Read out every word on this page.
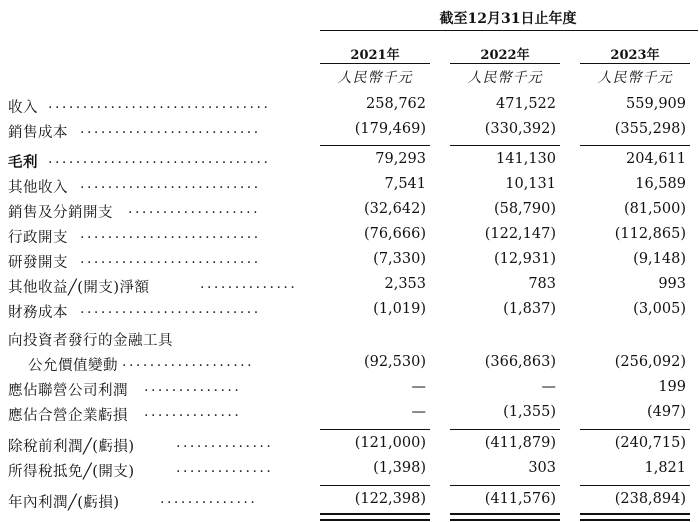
截至12月31日止年度
2021年	2022年	2023年
人民幣千元	人民幣千元	人民幣千元
收入 ................................	258,762	471,522	559,909
銷售成本 ..........................	(179,469)	(330,392)	(355,298)
毛利 ................................	79,293	141,130	204,611
其他收入 ..........................	7,541	10,131	16,589
銷售及分銷開支 ...................	(32,642)	(58,790)	(81,500)
行政開支 ..........................	(76,666)	(122,147)	(112,865)
研發開支 ..........................	(7,330)	(12,931)	(9,148)
其他收益╱(開支)淨額	..............	2,353	783	993
財務成本 ..........................	(1,019)	(1,837)	(3,005)
向投資者發行的金融工具
公允價值變動 ...................	(92,530)	(366,863)	(256,092)
應佔聯營公司利潤 ..............	—	—	199
應佔合營企業虧損 ..............	—	(1,355)	(497)
除稅前利潤╱(虧損)	..............	(121,000)	(411,879)	(240,715)
所得稅抵免╱(開支)	..............	(1,398)	303	1,821
年內利潤╱(虧損)	..............	(122,398)	(411,576)	(238,894)
